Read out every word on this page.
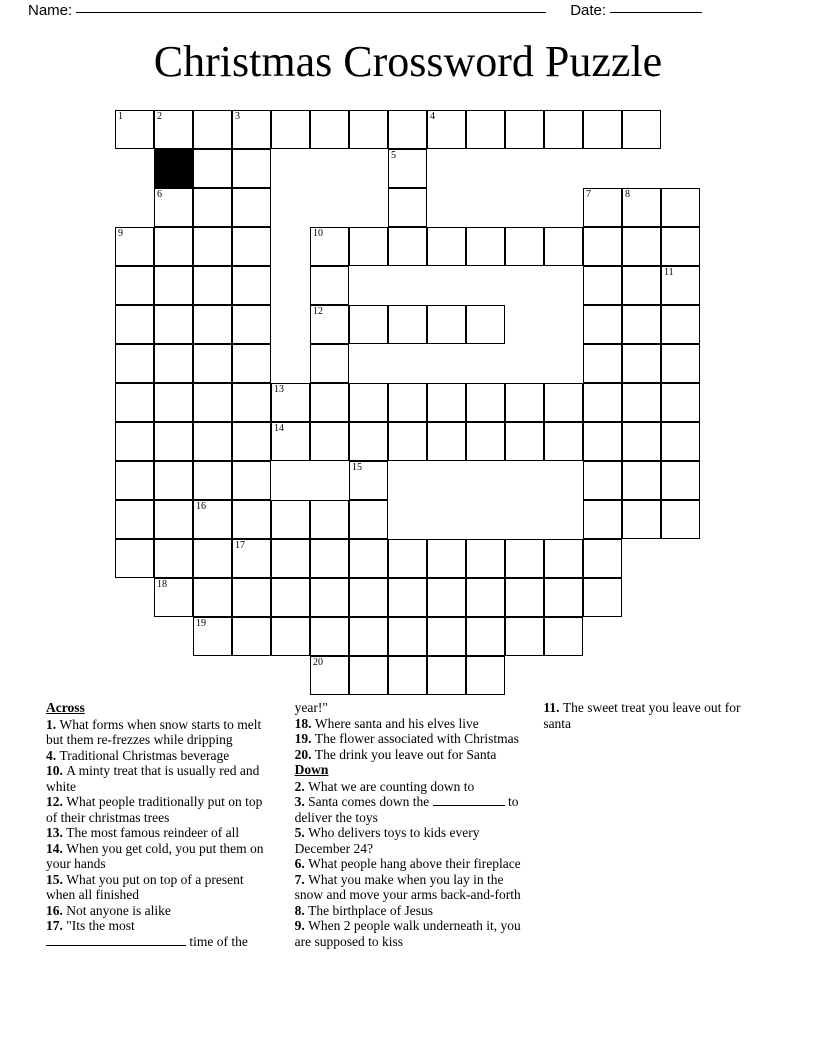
Name:	Date:
Christmas Crossword Puzzle
1	2	3	4
5
6	7	8
9	10
11
12
13
14
15
16
17
18
19
20
Across
1. What forms when snow starts to melt but them re-frezzes while dripping
4. Traditional Christmas beverage
10. A minty treat that is usually red and white
12. What people traditionally put on top of their christmas trees
13. The most famous reindeer of all
14. When you get cold, you put them on your hands
15. What you put on top of a present when all finished
16. Not anyone is alike
17. "Its the most  time of the year!"
18. Where santa and his elves live
19. The flower associated with Christmas
20. The drink you leave out for Santa
Down
2. What we are counting down to
3. Santa comes down the	to deliver the toys
5. Who delivers toys to kids every December 24?
6. What people hang above their fireplace
7. What you make when you lay in the snow and move your arms back-and-forth
8. The birthplace of Jesus
9. When 2 people walk underneath it, you are supposed to kiss
11. The sweet treat you leave out for santa
